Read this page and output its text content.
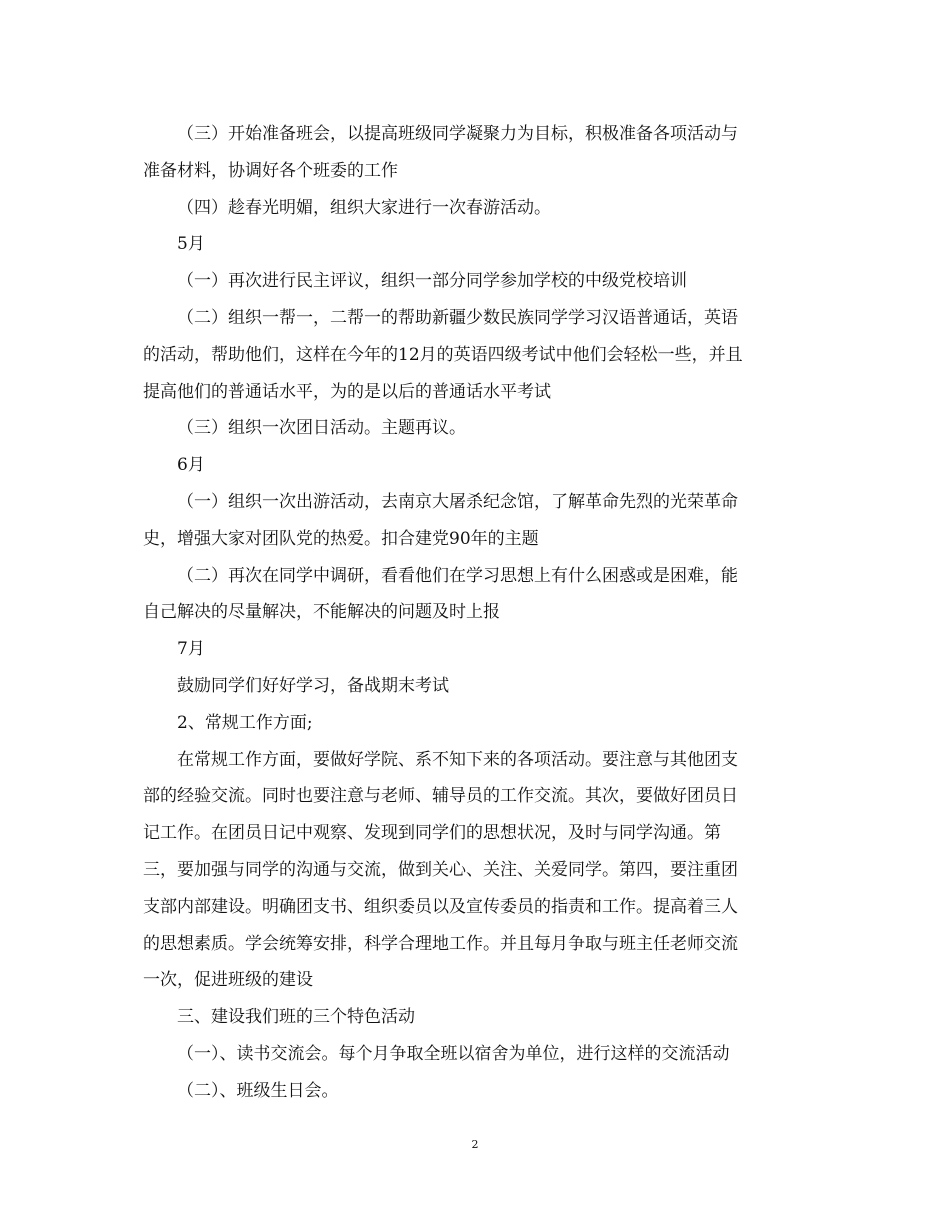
（三）开始准备班会，以提高班级同学凝聚力为目标，积极准备各项活动与
准备材料，协调好各个班委的工作
（四）趁春光明媚，组织大家进行一次春游活动。
5月
（一）再次进行民主评议，组织一部分同学参加学校的中级党校培训
（二）组织一帮一，二帮一的帮助新疆少数民族同学学习汉语普通话，英语
的活动，帮助他们，这样在今年的12月的英语四级考试中他们会轻松一些，并且
提高他们的普通话水平，为的是以后的普通话水平考试
（三）组织一次团日活动。主题再议。
6月
（一）组织一次出游活动，去南京大屠杀纪念馆，了解革命先烈的光荣革命
史，增强大家对团队党的热爱。扣合建党90年的主题
（二）再次在同学中调研，看看他们在学习思想上有什么困惑或是困难，能
自己解决的尽量解决，不能解决的问题及时上报
7月
鼓励同学们好好学习，备战期末考试
2、常规工作方面;
在常规工作方面，要做好学院、系不知下来的各项活动。要注意与其他团支
部的经验交流。同时也要注意与老师、辅导员的工作交流。其次，要做好团员日
记工作。在团员日记中观察、发现到同学们的思想状况，及时与同学沟通。第
三，要加强与同学的沟通与交流，做到关心、关注、关爱同学。第四，要注重团
支部内部建设。明确团支书、组织委员以及宣传委员的指责和工作。提高着三人
的思想素质。学会统筹安排，科学合理地工作。并且每月争取与班主任老师交流
一次，促进班级的建设
三、建设我们班的三个特色活动
（一）、读书交流会。每个月争取全班以宿舍为单位，进行这样的交流活动
（二）、班级生日会。
2
